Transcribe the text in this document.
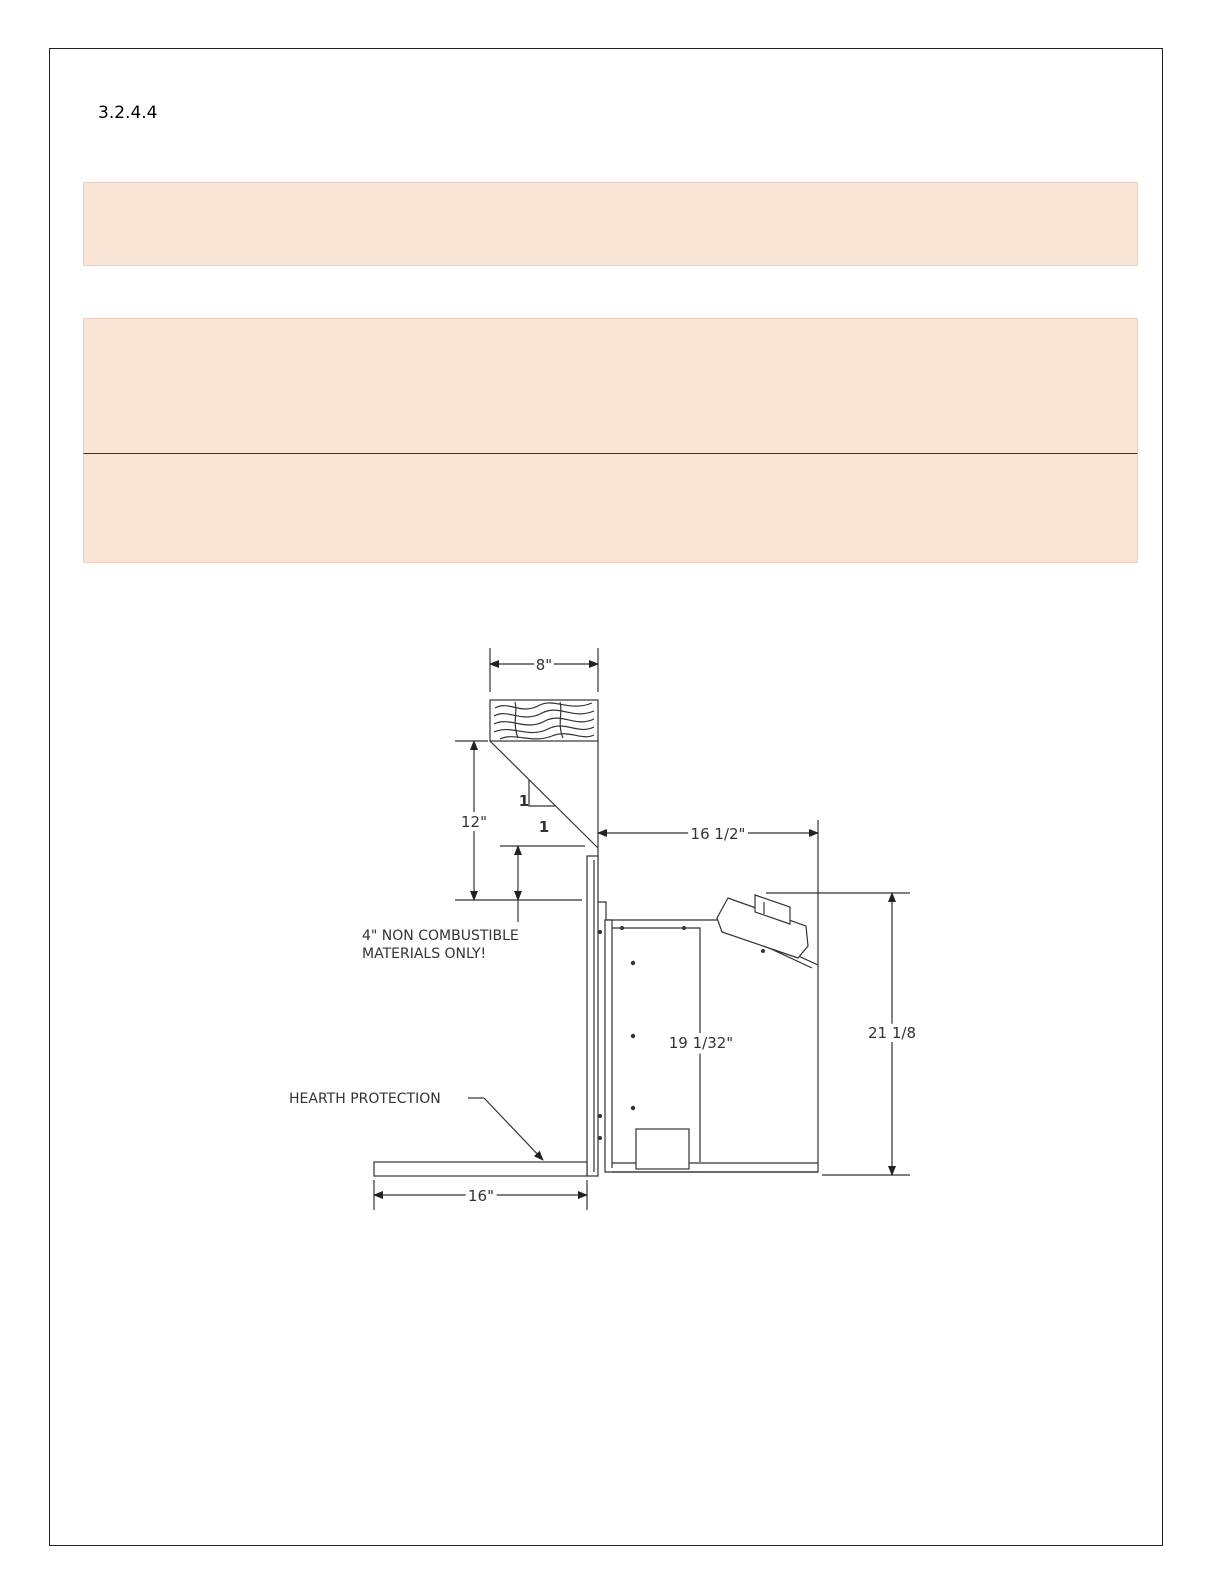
3.2.4.4
8"
12"
1
1	16 1/2"
19 1/32"
21 1/8
16"
4" NON COMBUSTIBLE
MATERIALS ONLY!
HEARTH PROTECTION
